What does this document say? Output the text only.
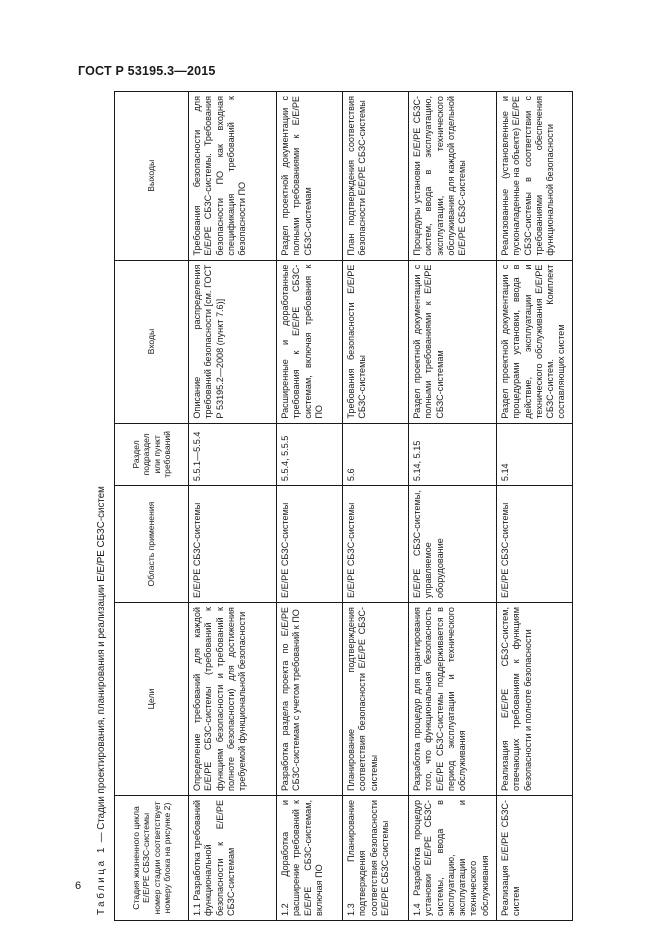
ГОСТ Р 53195.3—2015
Таблица 1 — Стадии проектирования, планирования и реализации E/E/PE СБЗС-систем
Стадия жизненного цикла E/E/PE СБЗС-системы номер стадии соответствует номеру блока на рисунке 2)	Цели	Область применения	Раздел подраздел или пункт требований	Входы	Выходы
1.1 Разработка требований функциональной безопасности к E/E/PE СБЗС-системам	Определение требований для каждой E/E/PE СБЗС-системы (требований к функциям безопасности и требований к полноте безопасности) для достижения требуемой функциональной безопасности	E/E/PE СБЗС-системы	5.5.1—5.5.4	Описание распределения требований безопасности [см. ГОСТ Р 53195.2—2008 (пункт 7.6)]	Требования безопасности для E/E/PE СБЗС-системы. Требования безопасности ПО как входная спецификация требований к безопасности ПО
1.2 Доработка и расширение требований к E/E/PE СБЗС-системам, включая ПО	Разработка раздела проекта по E/E/PE СБЗС-системам с учетом требований к ПО	E/E/PE СБЗС-системы	5.5.4, 5.5.5	Расширенные и доработанные требования к E/E/PE СБЗС-системам, включая требования к ПО	Раздел проектной документации с полными требованиями к E/E/PE СБЗС-системам
1.3 Планирование подтверждения соответствия безопасности E/E/PE СБЗС-системы	Планирование подтверждения соответствия безопасности E/E/PE СБЗС-системы	E/E/PE СБЗС-системы	5.6	Требования безопасности E/E/PE СБЗС-системы	План подтверждения соответствия безопасности E/E/PE СБЗС-системы
1.4 Разработка процедур установки E/E/PE СБЗС-системы, ввода в эксплуатацию, эксплуатации и технического обслуживания	Разработка процедур для гарантирования того, что функциональная безопасность E/E/PE СБЗС-системы поддерживается в период эксплуатации и технического обслуживания	E/E/PE СБЗС-системы, управляемое оборудование	5.14, 5.15	Раздел проектной документации с полными требованиями к E/E/PE СБЗС-системам	Процедуры установки E/E/PE СБЗС-систем, ввода в эксплуатацию, эксплуатации, технического обслуживания для каждой отдельной E/E/PE СБЗС-системы
Реализация E/E/PE СБЗС-систем	Реализация E/E/PE СБЗС-систем, отвечающих требованиям к функциям безопасности и полноте безопасности	E/E/PE СБЗС-системы	5.14	Раздел проектной документации с процедурами установки, ввода в действие, эксплуатации и технического обслуживания E/E/PE СБЗС-систем. Комплект составляющих систем	Реализованные (установленные и пусконаладенные на объекте) E/E/PE СБЗС-системы в соответствии с требованиями обеспечения функциональной безопасности
6
